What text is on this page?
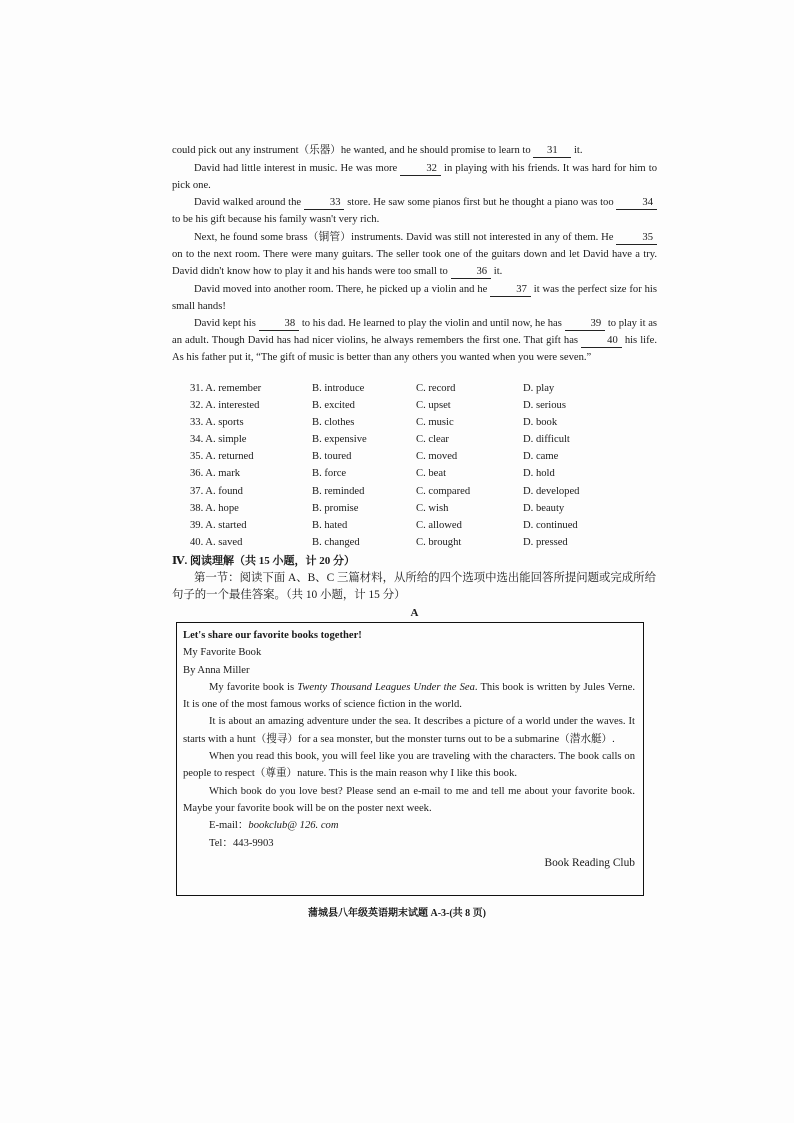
could pick out any instrument（乐器）he wanted, and he should promise to learn to 31 it.
David had little interest in music. He was more	32 in playing with his friends. It was hard for him to pick one.
David walked around the	33 store. He saw some pianos first but he thought a piano was too	34 to be his gift because his family wasn't very rich.
Next, he found some brass（铜管）instruments. David was still not interested in any of them. He	35 on to the next room. There were many guitars. The seller took one of the guitars down and let David have a try. David didn't know how to play it and his hands were too small to	36 it.
David moved into another room. There, he picked up a violin and he	37 it was the perfect size for his small hands!
David kept his	38 to his dad. He learned to play the violin and until now, he has	39 to play it as an adult. Though David has had nicer violins, he always remembers the first one. That gift has	40 his life. As his father put it, “The gift of music is better than any others you wanted when you were seven.”
31. A. remember	B. introduce	C. record	D. play
32. A. interested	B. excited	C. upset	D. serious
33. A. sports	B. clothes	C. music	D. book
34. A. simple	B. expensive	C. clear	D. difficult
35. A. returned	B. toured	C. moved	D. came
36. A. mark	B. force	C. beat	D. hold
37. A. found	B. reminded	C. compared	D. developed
38. A. hope	B. promise	C. wish	D. beauty
39. A. started	B. hated	C. allowed	D. continued
40. A. saved	B. changed	C. brought	D. pressed
Ⅳ. 阅读理解（共 15 小题，计 20 分）
第一节：阅读下面 A、B、C 三篇材料，从所给的四个选项中选出能回答所提问题或完成所给句子的一个最佳答案。（共 10 小题，计 15 分）
A

Let's share our favorite books together!

My Favorite Book

By Anna Miller

My favorite book is Twenty Thousand Leagues Under the Sea. This book is written by Jules Verne. It is one of the most famous works of science fiction in the world.

It is about an amazing adventure under the sea. It describes a picture of a world under the waves. It starts with a hunt（搜寻）for a sea monster, but the monster turns out to be a submarine（潜水艇）.

When you read this book, you will feel like you are traveling with the characters. The book calls on people to respect（尊重）nature. This is the main reason why I like this book.

Which book do you love best? Please send an e-mail to me and tell me about your favorite book. Maybe your favorite book will be on the poster next week.

E-mail：bookclub@ 126. com

Tel：443-9903

Book Reading Club

蒲城县八年级英语期末试题 A-3-(共 8 页)
